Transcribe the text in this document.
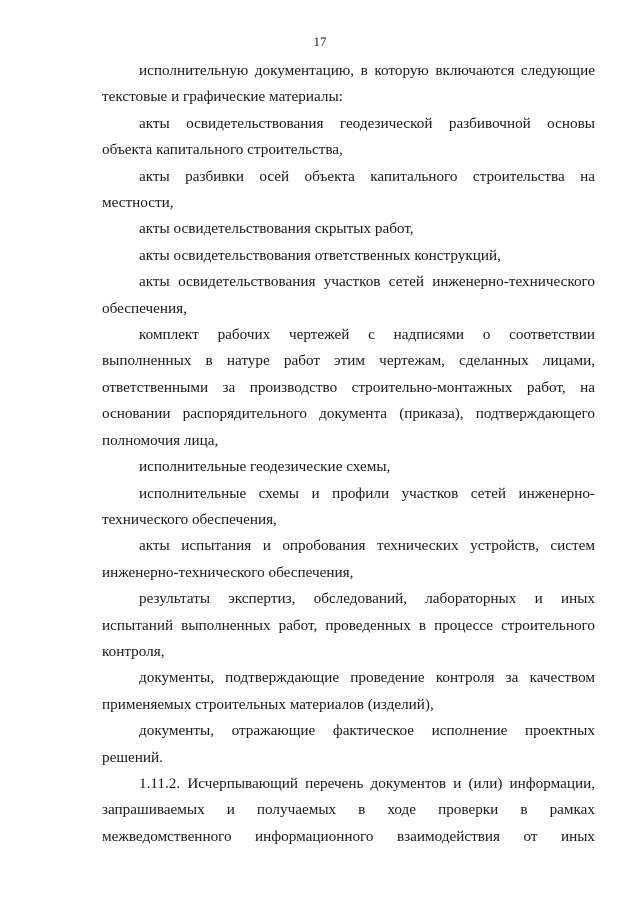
17

исполнительную документацию, в которую включаются следующие текстовые и графические материалы:

акты освидетельствования геодезической разбивочной основы объекта капитального строительства,

акты разбивки осей объекта капитального строительства на местности,

акты освидетельствования скрытых работ,

акты освидетельствования ответственных конструкций,

акты освидетельствования участков сетей инженерно-технического обеспечения,

комплект рабочих чертежей с надписями о соответствии выполненных в натуре работ этим чертежам, сделанных лицами, ответственными за производство строительно-монтажных работ, на основании распорядительного документа (приказа), подтверждающего полномочия лица,

исполнительные геодезические схемы,

исполнительные схемы и профили участков сетей инженерно-технического обеспечения,

акты испытания и опробования технических устройств, систем инженерно-технического обеспечения,

результаты экспертиз, обследований, лабораторных и иных испытаний выполненных работ, проведенных в процессе строительного контроля,

документы, подтверждающие проведение контроля за качеством применяемых строительных материалов (изделий),

документы, отражающие фактическое исполнение проектных решений.

1.11.2. Исчерпывающий перечень документов и (или) информации, запрашиваемых и получаемых в ходе проверки в рамках межведомственного информационного взаимодействия от иных
